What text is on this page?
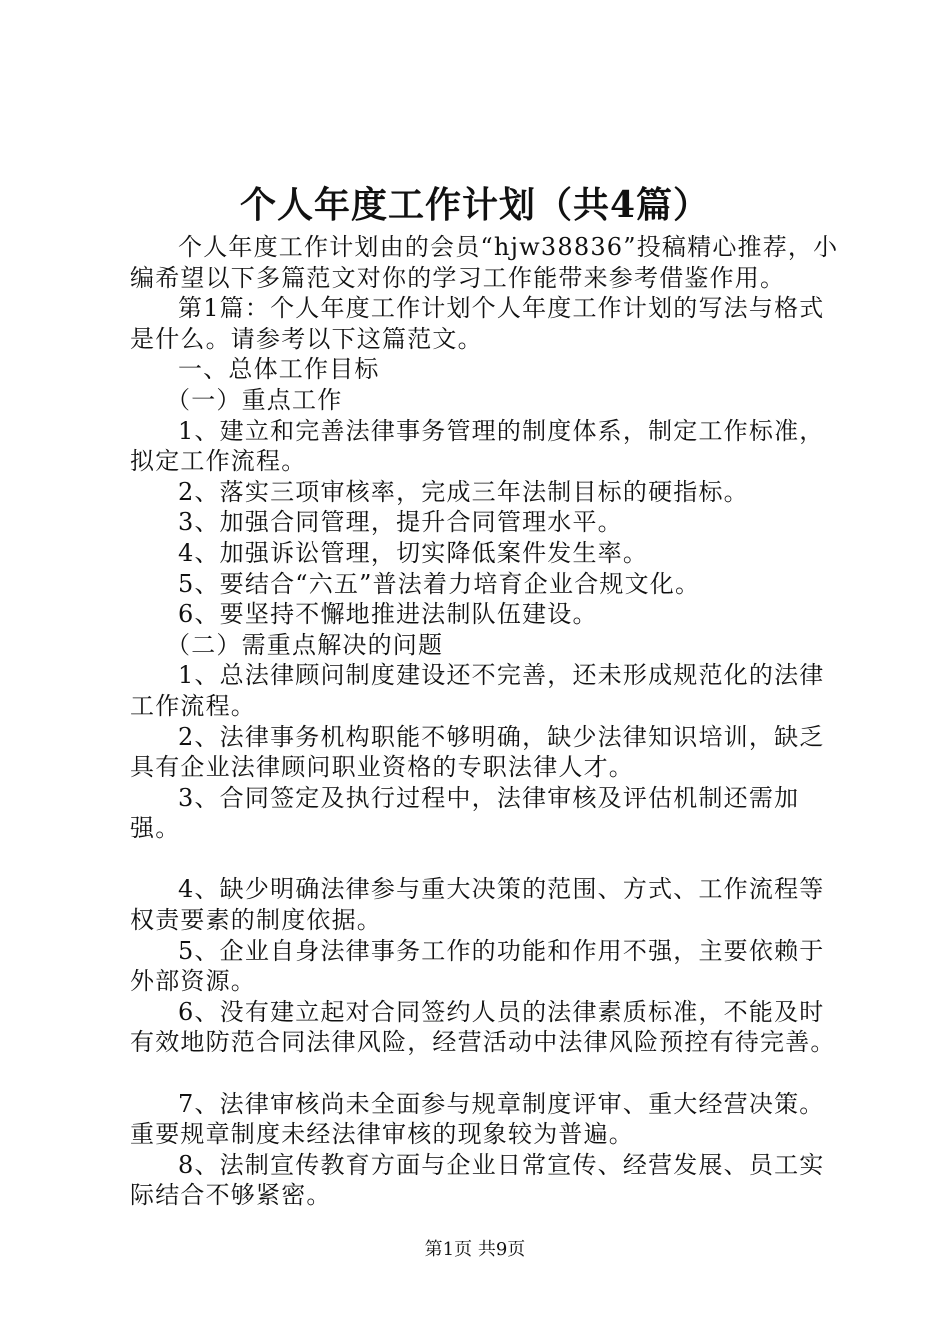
个人年度工作计划（共4篇）

个人年度工作计划由的会员“hjw38836”投稿精心推荐，小编希望以下多篇范文对你的学习工作能带来参考借鉴作用。

第1篇：个人年度工作计划个人年度工作计划的写法与格式是什么。请参考以下这篇范文。

一、总体工作目标

（一）重点工作

1、建立和完善法律事务管理的制度体系，制定工作标准，拟定工作流程。

2、落实三项审核率，完成三年法制目标的硬指标。

3、加强合同管理，提升合同管理水平。

4、加强诉讼管理，切实降低案件发生率。

5、要结合“六五”普法着力培育企业合规文化。

6、要坚持不懈地推进法制队伍建设。

（二）需重点解决的问题

1、总法律顾问制度建设还不完善，还未形成规范化的法律工作流程。

2、法律事务机构职能不够明确，缺少法律知识培训，缺乏具有企业法律顾问职业资格的专职法律人才。

3、合同签定及执行过程中，法律审核及评估机制还需加强。

4、缺少明确法律参与重大决策的范围、方式、工作流程等权责要素的制度依据。

5、企业自身法律事务工作的功能和作用不强，主要依赖于外部资源。

6、没有建立起对合同签约人员的法律素质标准，不能及时有效地防范合同法律风险，经营活动中法律风险预控有待完善。

7、法律审核尚未全面参与规章制度评审、重大经营决策。重要规章制度未经法律审核的现象较为普遍。

8、法制宣传教育方面与企业日常宣传、经营发展、员工实际结合不够紧密。

第1页 共9页
